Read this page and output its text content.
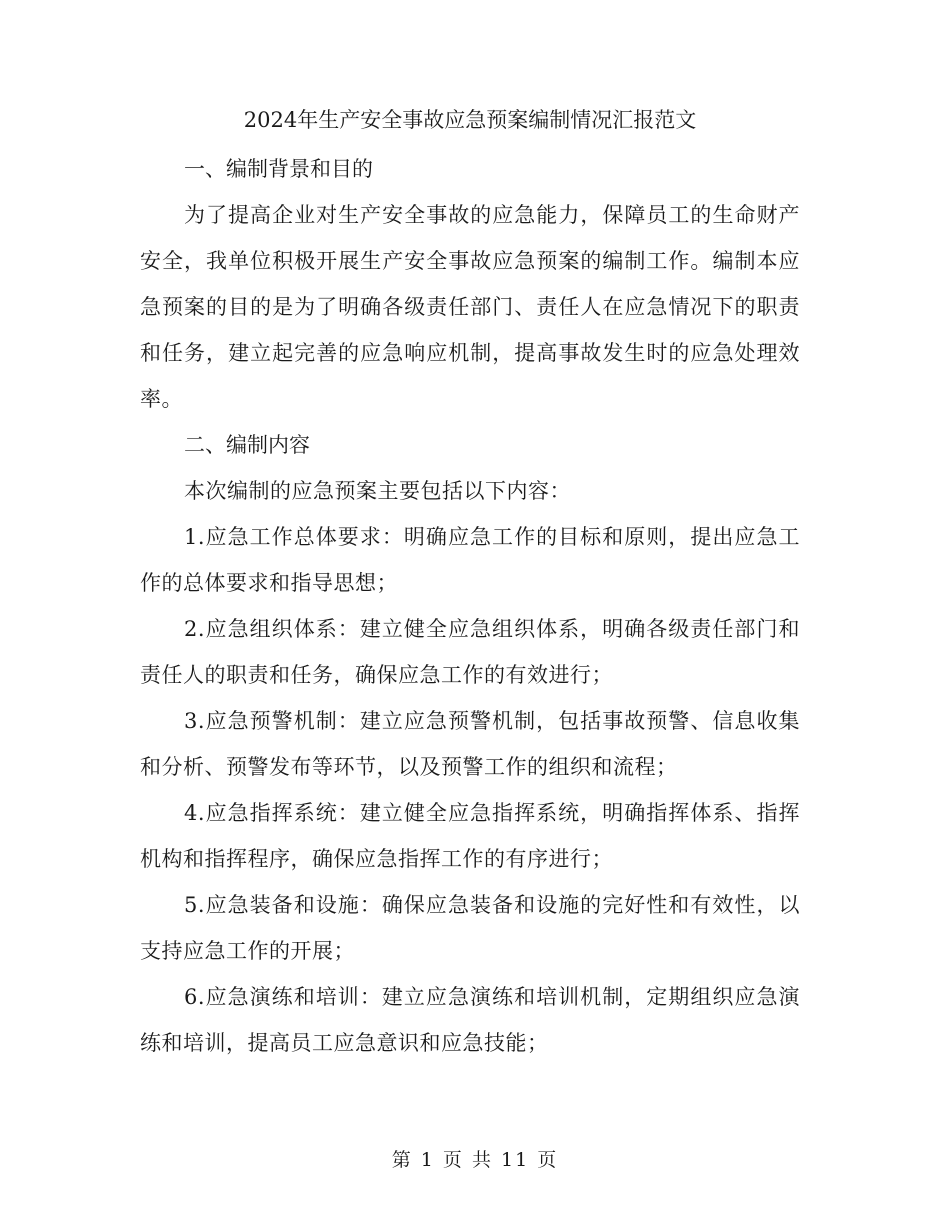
2024年生产安全事故应急预案编制情况汇报范文

一、编制背景和目的

为了提高企业对生产安全事故的应急能力，保障员工的生命财产安全，我单位积极开展生产安全事故应急预案的编制工作。编制本应急预案的目的是为了明确各级责任部门、责任人在应急情况下的职责和任务，建立起完善的应急响应机制，提高事故发生时的应急处理效率。

二、编制内容

本次编制的应急预案主要包括以下内容：

1.应急工作总体要求：明确应急工作的目标和原则，提出应急工作的总体要求和指导思想；

2.应急组织体系：建立健全应急组织体系，明确各级责任部门和责任人的职责和任务，确保应急工作的有效进行；

3.应急预警机制：建立应急预警机制，包括事故预警、信息收集和分析、预警发布等环节，以及预警工作的组织和流程；

4.应急指挥系统：建立健全应急指挥系统，明确指挥体系、指挥机构和指挥程序，确保应急指挥工作的有序进行；

5.应急装备和设施：确保应急装备和设施的完好性和有效性，以支持应急工作的开展；

6.应急演练和培训：建立应急演练和培训机制，定期组织应急演练和培训，提高员工应急意识和应急技能；

第 1 页 共 11 页
